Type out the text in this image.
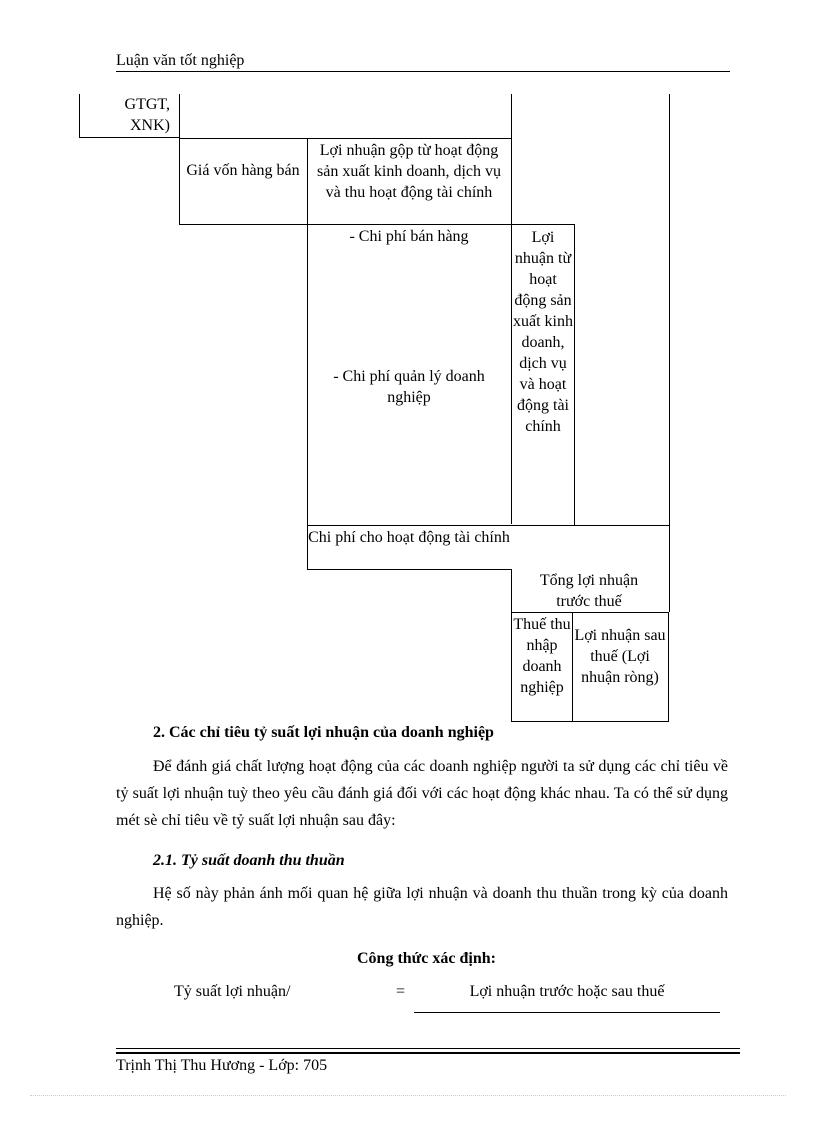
Luận văn tốt nghiệp
GTGT,
XNK)
Giá vốn hàng bán
Lợi nhuận gộp từ hoạt động sản xuất kinh doanh, dịch vụ và thu hoạt động tài chính
- Chi phí bán hàng
- Chi phí quản lý doanh nghiệp
Lợi nhuận từ hoạt động sản xuất kinh doanh, dịch vụ và hoạt động tài chính
Chi phí cho hoạt động tài chính
Tổng lợi nhuận trước thuế
Thuế thu nhập doanh nghiệp
Lợi nhuận sau thuế (Lợi nhuận ròng)
2. Các chỉ tiêu tỷ suất lợi nhuận của doanh nghiệp
Để đánh giá chất lượng hoạt động của các doanh nghiệp người ta sử dụng các chỉ tiêu về tỷ suất lợi nhuận tuỳ theo yêu cầu đánh giá đối với các hoạt động khác nhau. Ta có thể sử dụng mét sè chỉ tiêu về tỷ suất lợi nhuận sau đây:
2.1. Tỷ suất doanh thu thuần
Hệ số này phản ánh mối quan hệ giữa lợi nhuận và doanh thu thuần trong kỳ của doanh nghiệp.
Công thức xác định:
Tỷ suất lợi nhuận/	=	Lợi nhuận trước hoặc sau thuế
Trịnh Thị Thu Hương - Lớp: 705
